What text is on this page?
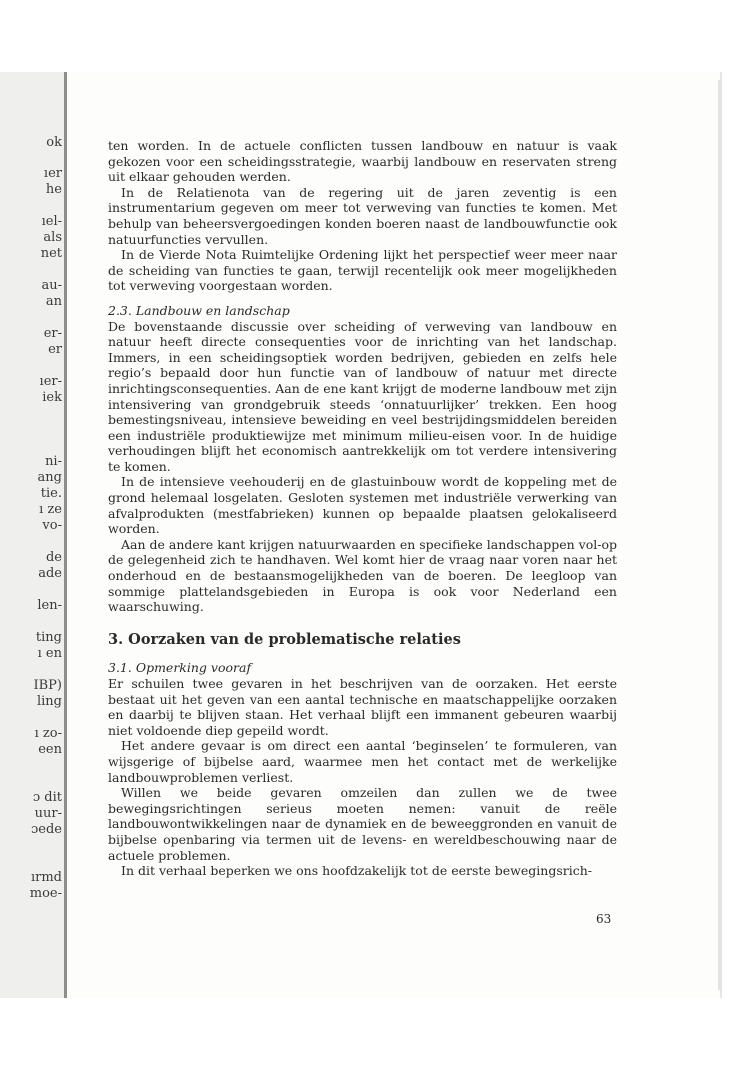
ok
ıer
he
ıel-
als
net
au-
an
er-
er
ıer-
iek
ni-
ang
tie.
ı ze
vo-
de
ade
len-
ting
ı en
IBP)
ling
ı zo-
een
ɔ dit
uur-
ɔede
ırmd
moe-

ten worden. In de actuele conflicten tussen landbouw en natuur is vaak gekozen voor een scheidingsstrategie, waarbij landbouw en reservaten streng uit elkaar gehouden werden.

In de Relatienota van de regering uit de jaren zeventig is een instrumentarium gegeven om meer tot verweving van functies te komen. Met behulp van beheersvergoedingen konden boeren naast de landbouwfunctie ook natuurfuncties vervullen.

In de Vierde Nota Ruimtelijke Ordening lijkt het perspectief weer meer naar de scheiding van functies te gaan, terwijl recentelijk ook meer mogelijkheden tot verweving voorgestaan worden.

2.3. Landbouw en landschap

De bovenstaande discussie over scheiding of verweving van landbouw en natuur heeft directe consequenties voor de inrichting van het landschap. Immers, in een scheidingsoptiek worden bedrijven, gebieden en zelfs hele regio’s bepaald door hun functie van of landbouw of natuur met directe inrichtingsconsequenties. Aan de ene kant krijgt de moderne landbouw met zijn intensivering van grondgebruik steeds ‘onnatuurlijker’ trekken. Een hoog bemestingsniveau, intensieve beweiding en veel bestrijdingsmiddelen bereiden een industriële produktiewijze met minimum milieu-eisen voor. In de huidige verhoudingen blijft het economisch aantrekkelijk om tot verdere intensivering te komen.

In de intensieve veehouderij en de glastuinbouw wordt de koppeling met de grond helemaal losgelaten. Gesloten systemen met industriële verwerking van afvalprodukten (mestfabrieken) kunnen op bepaalde plaatsen gelokaliseerd worden.

Aan de andere kant krijgen natuurwaarden en specifieke landschappen vol-op de gelegenheid zich te handhaven. Wel komt hier de vraag naar voren naar het onderhoud en de bestaansmogelijkheden van de boeren. De leegloop van sommige plattelandsgebieden in Europa is ook voor Nederland een waarschuwing.

3. Oorzaken van de problematische relaties

3.1. Opmerking vooraf

Er schuilen twee gevaren in het beschrijven van de oorzaken. Het eerste bestaat uit het geven van een aantal technische en maatschappelijke oorzaken en daarbij te blijven staan. Het verhaal blijft een immanent gebeuren waarbij niet voldoende diep gepeild wordt.

Het andere gevaar is om direct een aantal ‘beginselen’ te formuleren, van wijsgerige of bijbelse aard, waarmee men het contact met de werkelijke landbouwproblemen verliest.

Willen we beide gevaren omzeilen dan zullen we de twee bewegingsrichtingen serieus moeten nemen: vanuit de reële landbouwontwikkelingen naar de dynamiek en de beweeggronden en vanuit de bijbelse openbaring via termen uit de levens- en wereldbeschouwing naar de actuele problemen.

In dit verhaal beperken we ons hoofdzakelijk tot de eerste bewegingsrich-

63
